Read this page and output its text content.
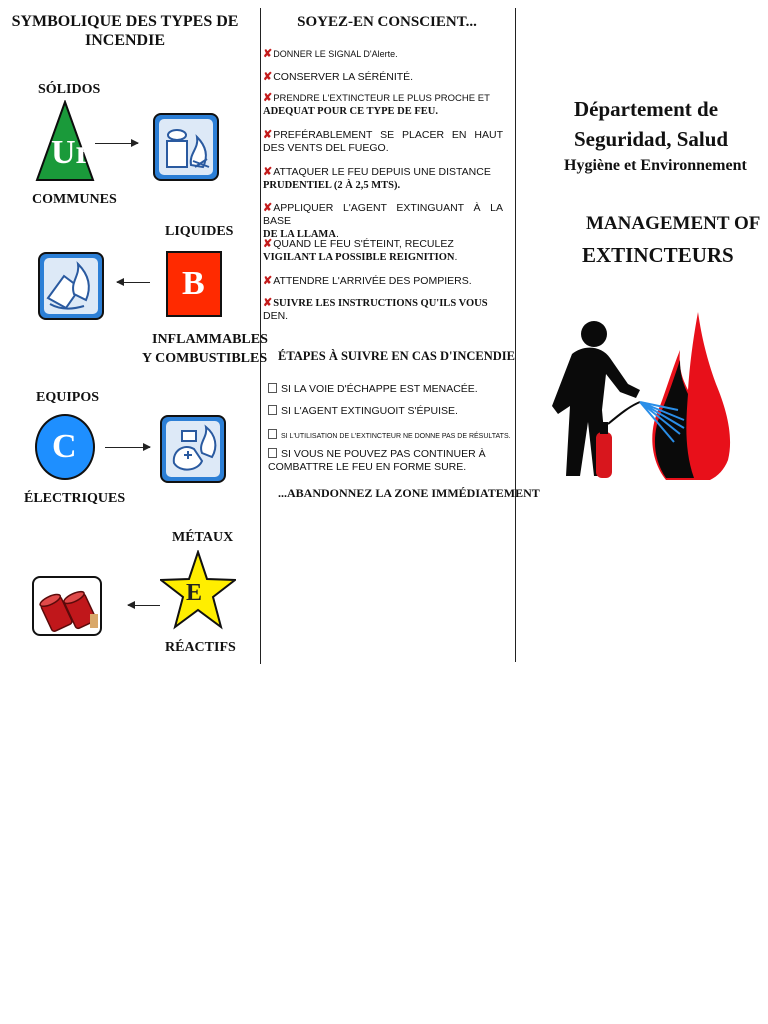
SYMBOLIQUE DES TYPES DE INCENDIE
SÓLIDOS
Ur
COMMUNES
LIQUIDES
B
INFLAMMABLES
Y COMBUSTIBLES
EQUIPOS
C
ÉLECTRIQUES
MÉTAUX
E
RÉACTIFS
SOYEZ-EN CONSCIENT...
✘DONNER LE SIGNAL D'Alerte.
✘CONSERVER LA SÉRÉNITÉ.
✘PRENDRE L'EXTINCTEUR LE PLUS PROCHE ET
ADEQUAT POUR CE TYPE DE FEU.
✘PREFÉRABLEMENT SE PLACER EN HAUT DES VENTS DEL FUEGO.
✘ATTAQUER LE FEU DEPUIS UNE DISTANCE
PRUDENTIEL (2 À 2,5 MTS).
✘APPLIQUER L'AGENT EXTINGUANT À LA BASE
DE LA LLAMA.
✘QUAND LE FEU S'ÉTEINT, RECULEZ
VIGILANT LA POSSIBLE REIGNITION.
✘ATTENDRE L'ARRIVÉE DES POMPIERS.
✘SUIVRE LES INSTRUCTIONS QU'ILS VOUS
DEN.
ÉTAPES À SUIVRE EN CAS D'INCENDIE
SI LA VOIE D'ÉCHAPPE EST MENACÉE.
SI L'AGENT EXTINGUOIT S'ÉPUISE.
SI L'UTILISATION DE L'EXTINCTEUR NE DONNE PAS DE RÉSULTATS.
SI VOUS NE POUVEZ PAS CONTINUER À COMBATTRE LE FEU EN FORME SURE.
...ABANDONNEZ LA ZONE IMMÉDIATEMENT
Département de
Seguridad, Salud
Hygiène et Environnement
MANAGEMENT OF
EXTINCTEURS
